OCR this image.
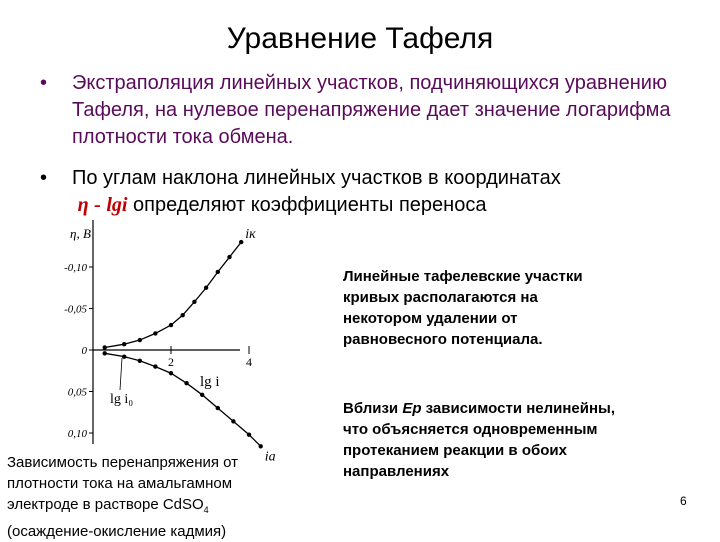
Уравнение Тафеля
• Экстраполяция линейных участков, подчиняющихся уравнению Тафеля, на нулевое перенапряжение дает значение логарифма плотности тока обмена.
• По углам наклона линейных участков в координатах
η - lgi определяют коэффициенты переноса
η, В
-0,10
-0,05
0
0,05
0,10
2	4
iк
iа
lg i
lg i₀
Линейные тафелевские участки кривых располагаются на некотором удалении от равновесного потенциала.
Вблизи Ер зависимости нелинейны, что объясняется одновременным протеканием реакции в обоих направлениях
Зависимость перенапряжения от плотности тока на амальгамном электроде в растворе CdSO$_4$
(осаждение-окисление кадмия)
6
